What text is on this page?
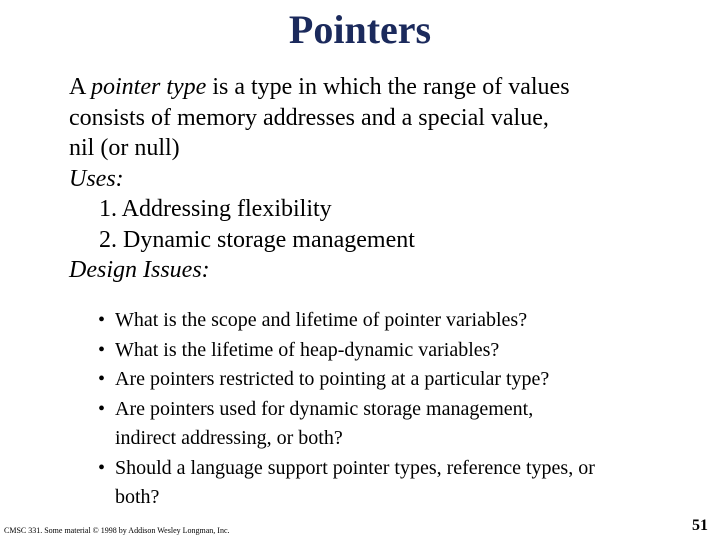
Pointers
A pointer type is a type in which the range of values
consists of memory addresses and a special value,
nil (or null)
Uses:
1. Addressing flexibility
2. Dynamic storage management
Design Issues:
• What is the scope and lifetime of pointer variables?
• What is the lifetime of heap-dynamic variables?
• Are pointers restricted to pointing at a particular type?
• Are pointers used for dynamic storage management,
indirect addressing, or both?
• Should a language support pointer types, reference types, or
both?
CMSC 331. Some material © 1998 by Addison Wesley Longman, Inc.	51
